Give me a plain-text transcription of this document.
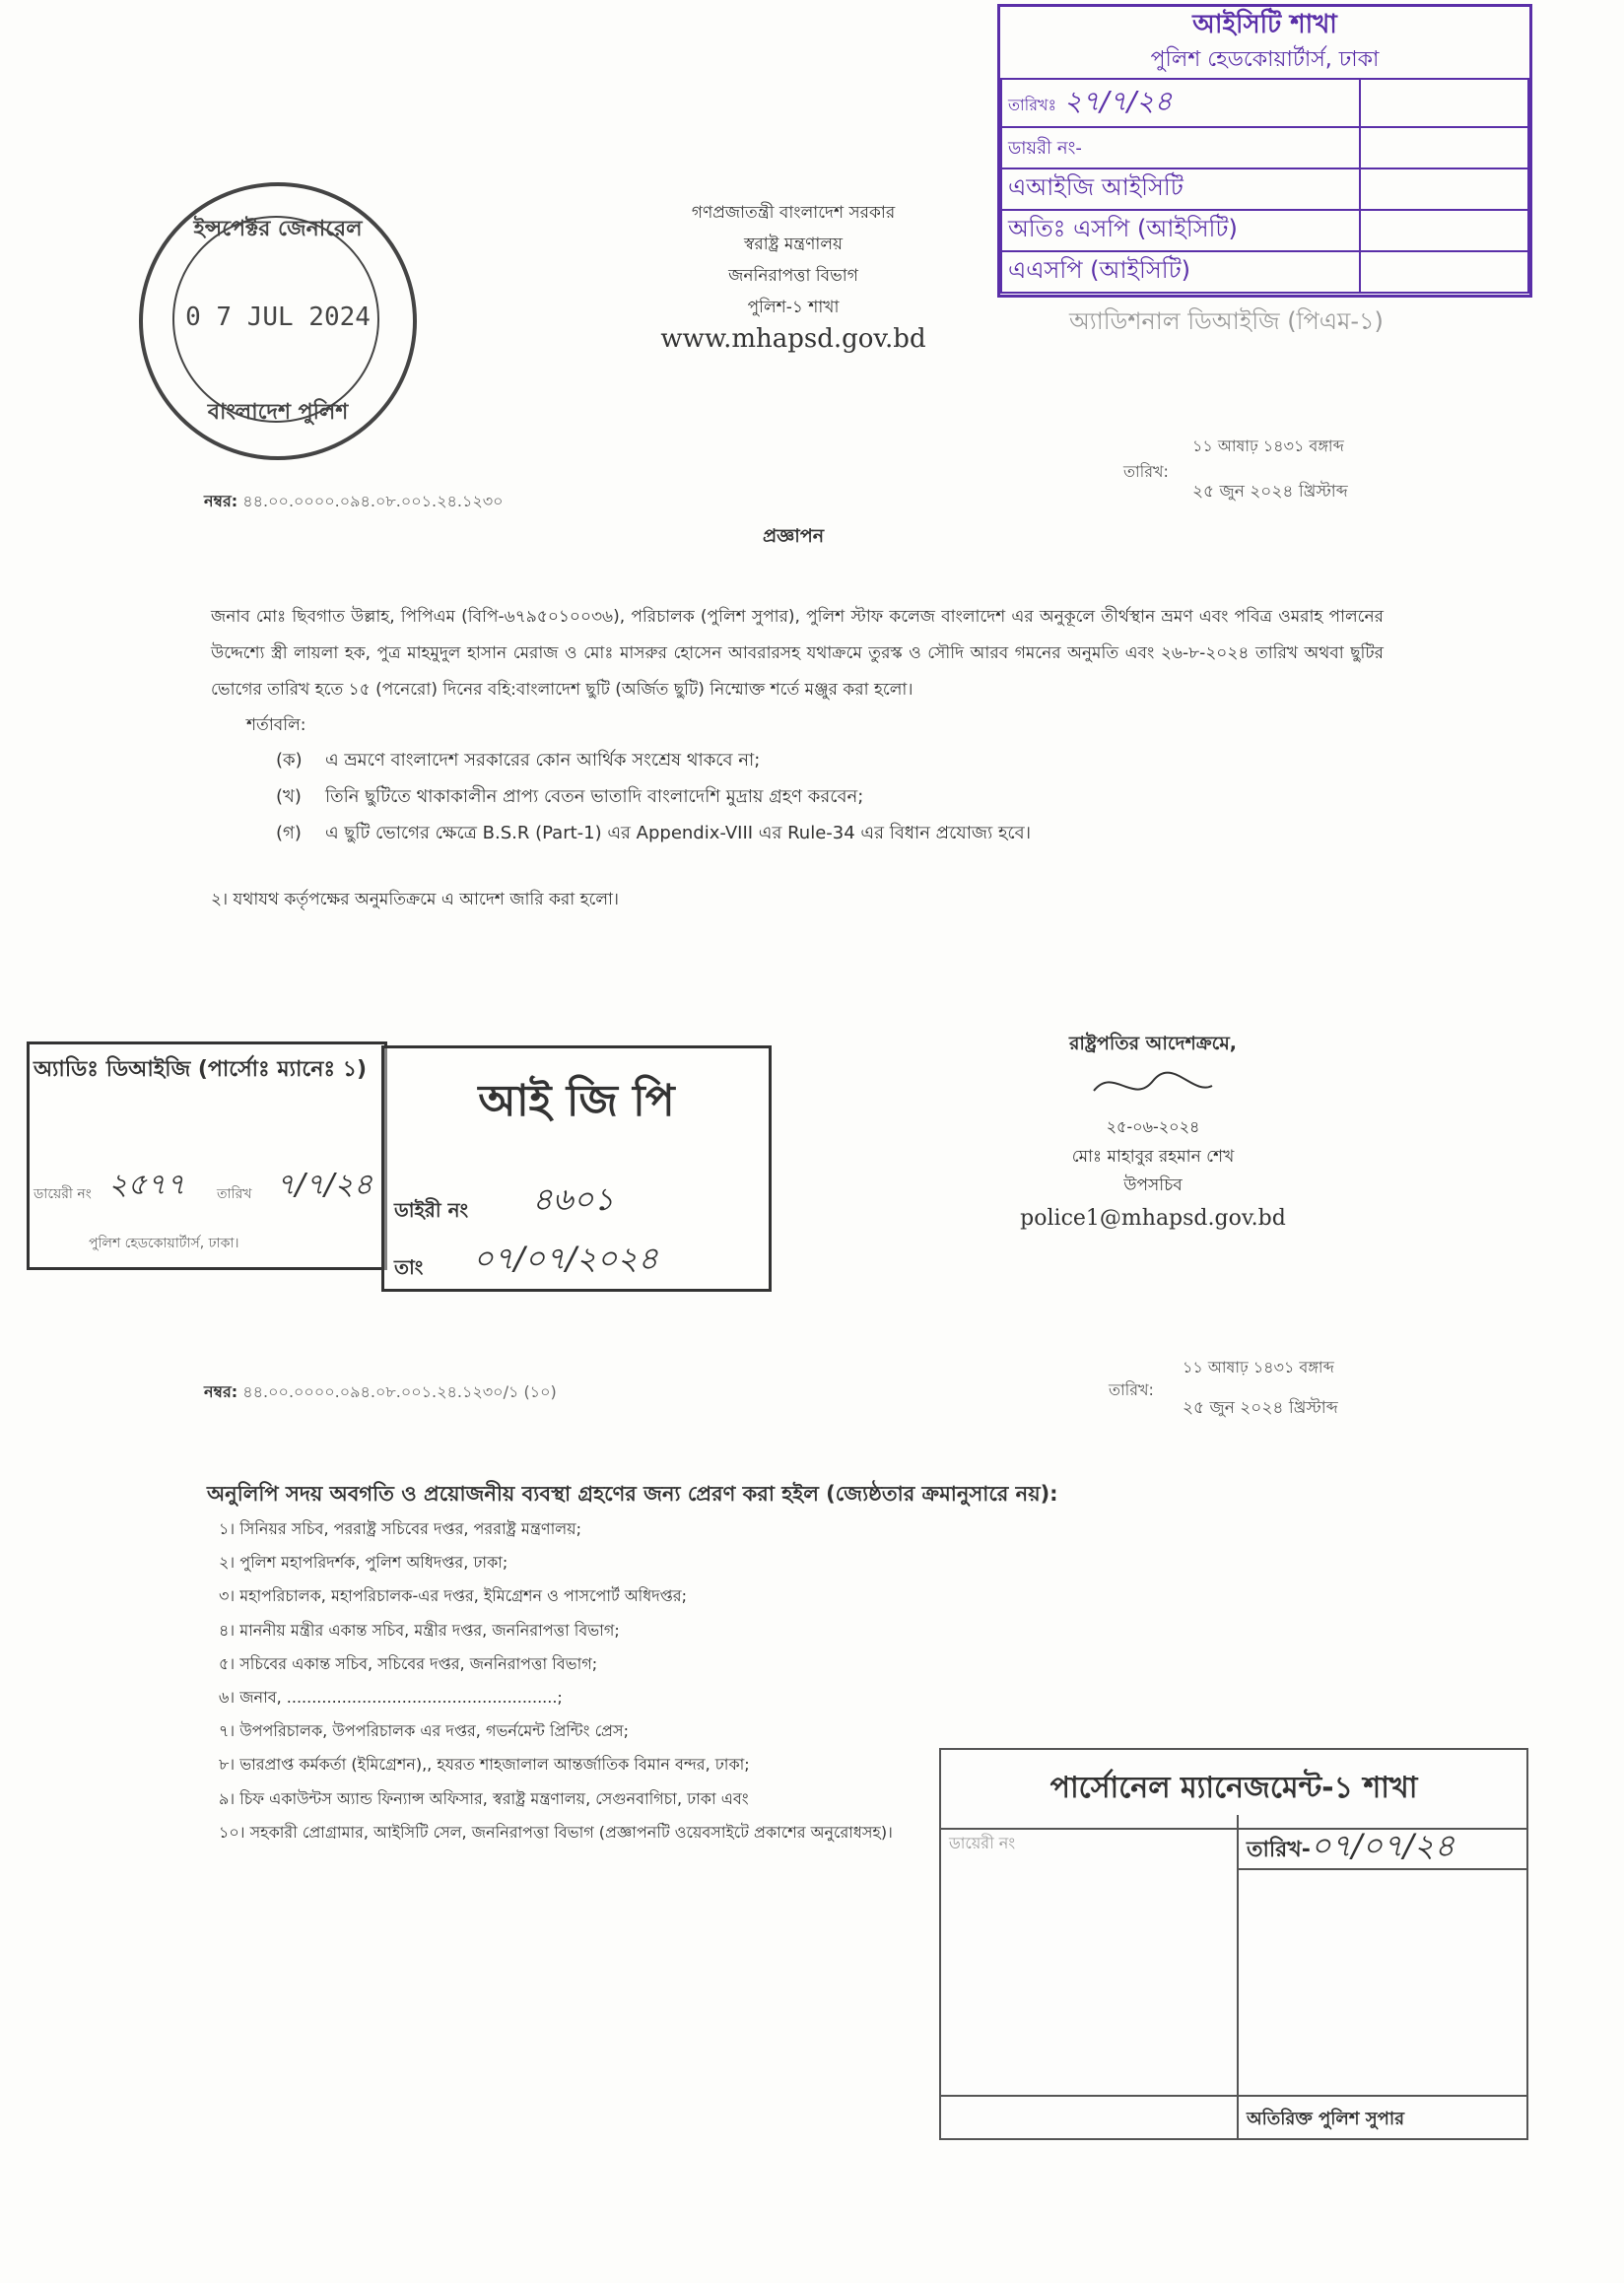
আইসিটি শাখা
পুলিশ হেডকোয়ার্টার্স, ঢাকা
তারিখঃ ২৭/৭/২৪	
ডায়রী নং-	
এআইজি আইসিটি	
অতিঃ এসপি (আইসিটি)	
এএসপি (আইসিটি)	
অ্যাডিশনাল ডিআইজি (পিএম-১)
ইন্সপেক্টর জেনারেল
0 7 JUL 2024
বাংলাদেশ পুলিশ
গণপ্রজাতন্ত্রী বাংলাদেশ সরকার
স্বরাষ্ট্র মন্ত্রণালয়
জননিরাপত্তা বিভাগ
পুলিশ-১ শাখা
www.mhapsd.gov.bd
১১ আষাঢ় ১৪৩১ বঙ্গাব্দ
তারিখ:
২৫ জুন ২০২৪ খ্রিস্টাব্দ
নম্বর: ৪৪.০০.০০০০.০৯৪.০৮.০০১.২৪.১২৩০
প্রজ্ঞাপন
জনাব মোঃ ছিবগাত উল্লাহ, পিপিএম (বিপি-৬৭৯৫০১০০৩৬), পরিচালক (পুলিশ সুপার), পুলিশ স্টাফ কলেজ বাংলাদেশ এর অনুকূলে তীর্থস্থান ভ্রমণ এবং পবিত্র ওমরাহ পালনের উদ্দেশ্যে স্ত্রী লায়লা হক, পুত্র মাহমুদুল হাসান মেরাজ ও মোঃ মাসরুর হোসেন আবরারসহ যথাক্রমে তুরস্ক ও সৌদি আরব গমনের অনুমতি এবং ২৬-৮-২০২৪ তারিখ অথবা ছুটির ভোগের তারিখ হতে ১৫ (পনেরো) দিনের বহি:বাংলাদেশ ছুটি (অর্জিত ছুটি) নিম্মোক্ত শর্তে মঞ্জুর করা হলো।
শর্তাবলি:
(ক) এ ভ্রমণে বাংলাদেশ সরকারের কোন আর্থিক সংশ্রেষ থাকবে না;
(খ) তিনি ছুটিতে থাকাকালীন প্রাপ্য বেতন ভাতাদি বাংলাদেশি মুদ্রায় গ্রহণ করবেন;
(গ) এ ছুটি ভোগের ক্ষেত্রে B.S.R (Part-1) এর Appendix-VIII এর Rule-34 এর বিধান প্রযোজ্য হবে।
২। যথাযথ কর্তৃপক্ষের অনুমতিক্রমে এ আদেশ জারি করা হলো।
অ্যাডিঃ ডিআইজি (পার্সোঃ ম্যানেঃ ১)
ডায়েরী নং ২৫৭৭ তারিখ ৭/৭/২৪
পুলিশ হেডকোয়ার্টার্স, ঢাকা।
আই জি পি
ডাইরী নং ৪৬০১
তাং ০৭/০৭/২০২৪
রাষ্ট্রপতির আদেশক্রমে,
২৫-০৬-২০২৪
মোঃ মাহাবুর রহমান শেখ
উপসচিব
police1@mhapsd.gov.bd
নম্বর: ৪৪.০০.০০০০.০৯৪.০৮.০০১.২৪.১২৩০/১ (১০)
১১ আষাঢ় ১৪৩১ বঙ্গাব্দ
তারিখ:
২৫ জুন ২০২৪ খ্রিস্টাব্দ
অনুলিপি সদয় অবগতি ও প্রয়োজনীয় ব্যবস্থা গ্রহণের জন্য প্রেরণ করা হইল (জ্যেষ্ঠতার ক্রমানুসারে নয়):
১। সিনিয়র সচিব, পররাষ্ট্র সচিবের দপ্তর, পররাষ্ট্র মন্ত্রণালয়;
২। পুলিশ মহাপরিদর্শক, পুলিশ অধিদপ্তর, ঢাকা;
৩। মহাপরিচালক, মহাপরিচালক-এর দপ্তর, ইমিগ্রেশন ও পাসপোর্ট অধিদপ্তর;
৪। মাননীয় মন্ত্রীর একান্ত সচিব, মন্ত্রীর দপ্তর, জননিরাপত্তা বিভাগ;
৫। সচিবের একান্ত সচিব, সচিবের দপ্তর, জননিরাপত্তা বিভাগ;
৬। জনাব, ......................................................;
৭। উপপরিচালক, উপপরিচালক এর দপ্তর, গভর্নমেন্ট প্রিন্টিং প্রেস;
৮। ভারপ্রাপ্ত কর্মকর্তা (ইমিগ্রেশন),, হযরত শাহজালাল আন্তর্জাতিক বিমান বন্দর, ঢাকা;
৯। চিফ একাউন্টস অ্যান্ড ফিন্যান্স অফিসার, স্বরাষ্ট্র মন্ত্রণালয়, সেগুনবাগিচা, ঢাকা এবং
১০। সহকারী প্রোগ্রামার, আইসিটি সেল, জননিরাপত্তা বিভাগ (প্রজ্ঞাপনটি ওয়েবসাইটে প্রকাশের অনুরোধসহ)।
পার্সোনেল ম্যানেজমেন্ট-১ শাখা
ডায়েরী নং	তারিখ-০৭/০৭/২৪
অতিরিক্ত পুলিশ সুপার
